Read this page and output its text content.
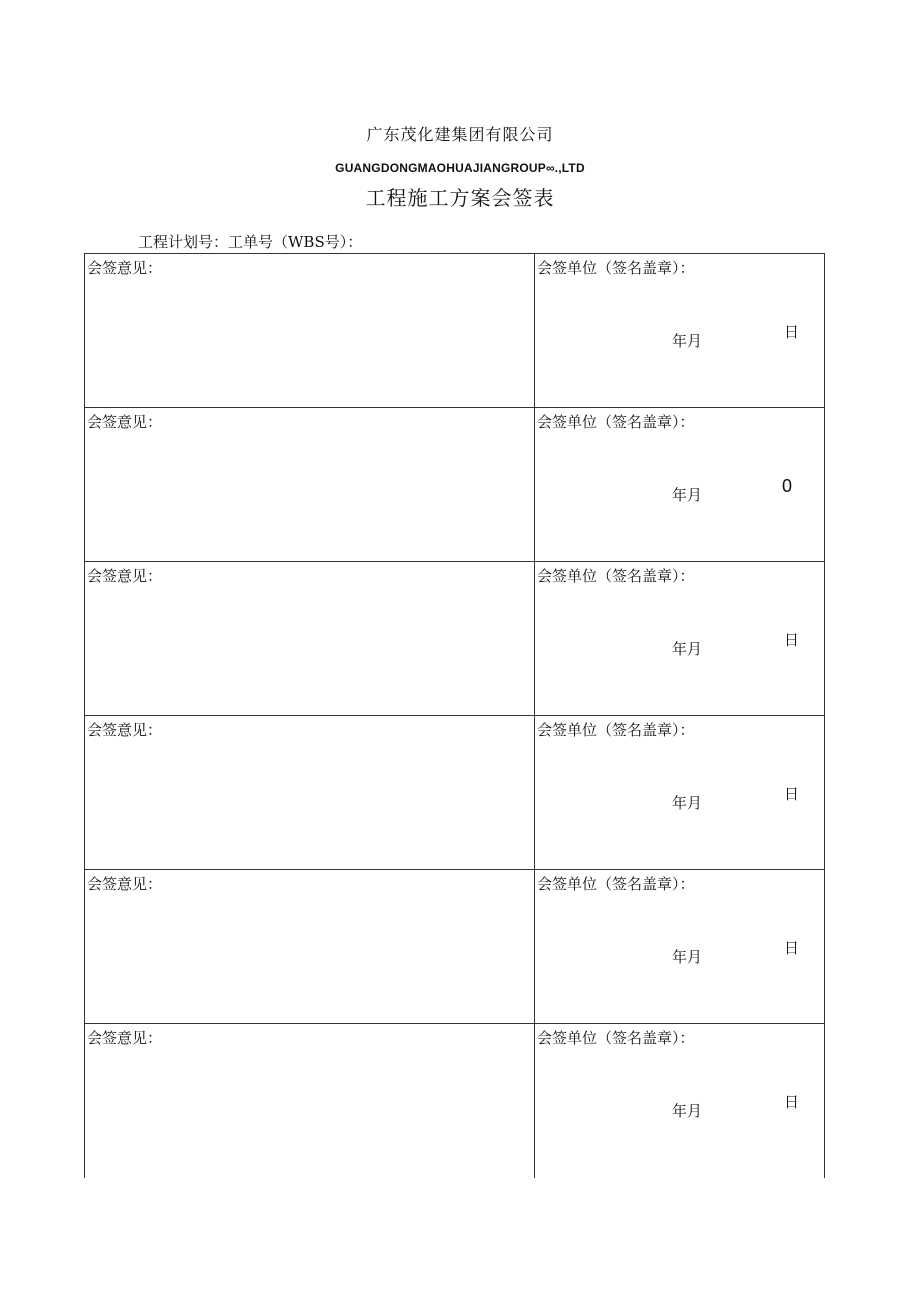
广东茂化建集团有限公司
GUANGDONGMAOHUAJIANGROUP∞.,LTD
工程施工方案会签表
工程计划号：工单号（WBS号）：
会签意见：	会签单位（签名盖章）：
年月	日
会签意见：	会签单位（签名盖章）：
年月	0
会签意见：	会签单位（签名盖章）：
年月	日
会签意见：	会签单位（签名盖章）：
年月	日
会签意见：	会签单位（签名盖章）：
年月	日
会签意见：	会签单位（签名盖章）：
年月	日
